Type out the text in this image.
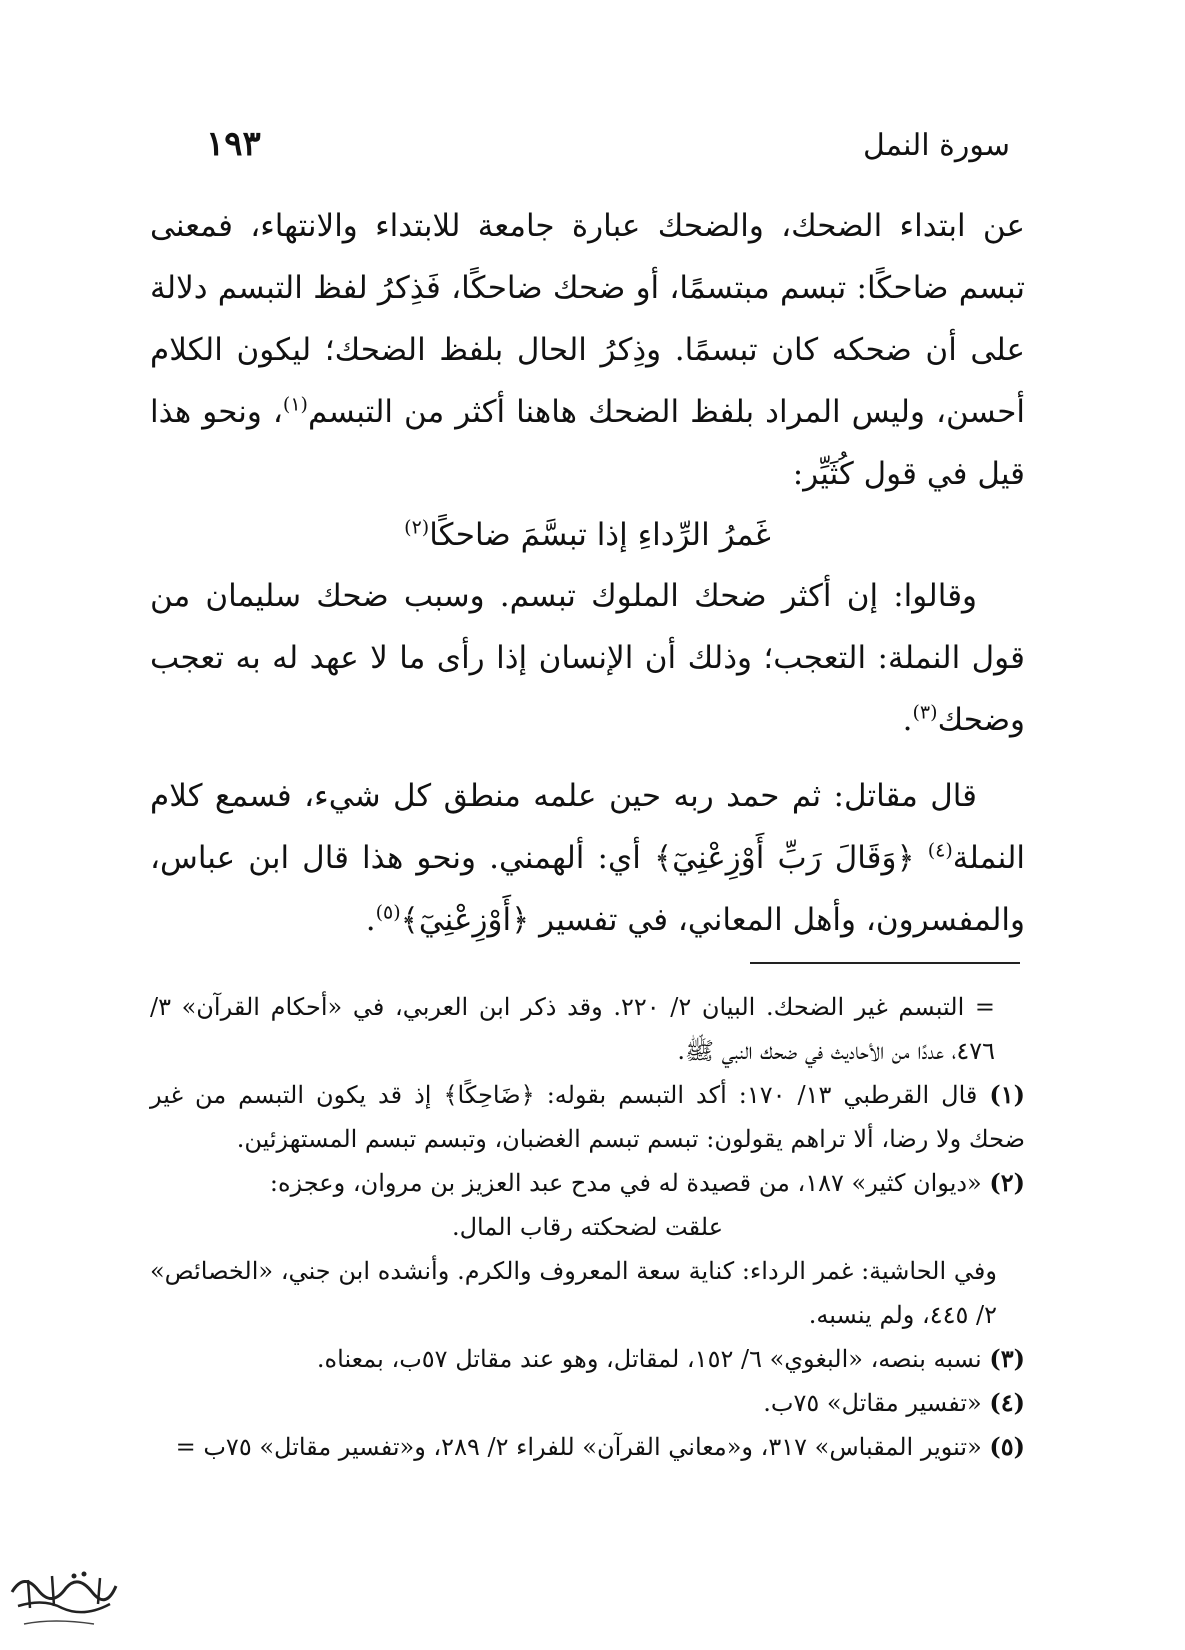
سورة النمل
١٩٣

عن ابتداء الضحك، والضحك عبارة جامعة للابتداء والانتهاء، فمعنى تبسم ضاحكًا: تبسم مبتسمًا، أو ضحك ضاحكًا، فَذِكرُ لفظ التبسم دلالة على أن ضحكه كان تبسمًا. وذِكرُ الحال بلفظ الضحك؛ ليكون الكلام أحسن، وليس المراد بلفظ الضحك هاهنا أكثر من التبسم$^{(١)}$، ونحو هذا قيل في قول كُثَيِّر:

غَمرُ الرِّداءِ إذا تبسَّمَ ضاحكًا$^{(٢)}$

وقالوا: إن أكثر ضحك الملوك تبسم. وسبب ضحك سليمان من قول النملة: التعجب؛ وذلك أن الإنسان إذا رأى ما لا عهد له به تعجب وضحك$^{(٣)}$.

قال مقاتل: ثم حمد ربه حين علمه منطق كل شيء، فسمع كلام النملة$^{(٤)}$ ﴿وَقَالَ رَبِّ أَوْزِعْنِيٓ﴾ أي: ألهمني. ونحو هذا قال ابن عباس، والمفسرون، وأهل المعاني، في تفسير ﴿أَوْزِعْنِيٓ﴾$^{(٥)}$.

= التبسم غير الضحك. البيان ٢/ ٢٢٠. وقد ذكر ابن العربي، في «أحكام القرآن» ٣/ ٤٧٦، عددًا من الأحاديث في ضحك النبي ﷺ.

(١) قال القرطبي ١٣/ ١٧٠: أكد التبسم بقوله: ﴿ضَاحِكًا﴾ إذ قد يكون التبسم من غير ضحك ولا رضا، ألا تراهم يقولون: تبسم تبسم الغضبان، وتبسم تبسم المستهزئين.

(٢) «ديوان كثير» ١٨٧، من قصيدة له في مدح عبد العزيز بن مروان، وعجزه:

علقت لضحكته رقاب المال.

وفي الحاشية: غمر الرداء: كناية سعة المعروف والكرم. وأنشده ابن جني، «الخصائص» ٢/ ٤٤٥، ولم ينسبه.

(٣) نسبه بنصه، «البغوي» ٦/ ١٥٢، لمقاتل، وهو عند مقاتل ٥٧ب، بمعناه.

(٤) «تفسير مقاتل» ٧٥ب.

(٥) «تنوير المقباس» ٣١٧، و«معاني القرآن» للفراء ٢/ ٢٨٩، و«تفسير مقاتل» ٧٥ب =
